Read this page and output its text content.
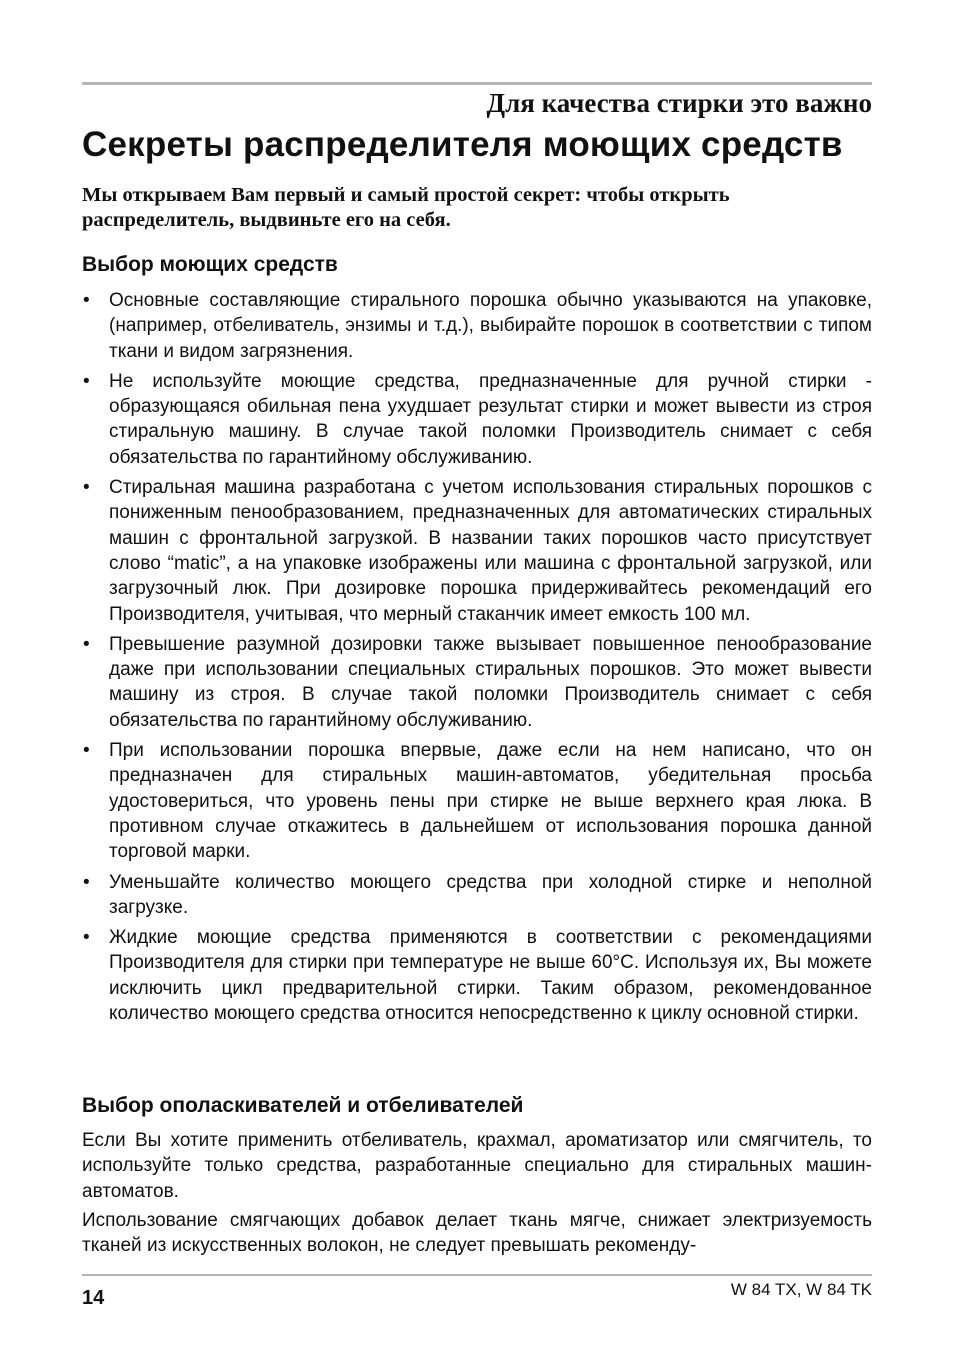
Для качества стирки это важно
Секреты распределителя моющих средств
Мы открываем Вам первый и самый простой секрет: чтобы открыть распределитель, выдвиньте его на себя.
Выбор моющих средств
• Основные составляющие стирального порошка обычно указываются на упаковке, (например, отбеливатель, энзимы и т.д.), выбирайте порошок в соответствии с типом ткани и видом загрязнения.
• Не используйте моющие средства, предназначенные для ручной стирки - образующаяся обильная пена ухудшает результат стирки и может вывести из строя стиральную машину. В случае такой поломки Производитель снимает с себя обязательства по гарантийному обслуживанию.
• Стиральная машина разработана с учетом использования стиральных порошков с пониженным пенообразованием, предназначенных для автоматических стиральных машин с фронтальной загрузкой. В названии таких порошков часто присутствует слово “matic”, а на упаковке изображены или машина с фронтальной загрузкой, или загрузочный люк. При дозировке порошка придерживайтесь рекомендаций его Производителя, учитывая, что мерный стаканчик имеет емкость 100 мл.
• Превышение разумной дозировки также вызывает повышенное пенообразование даже при использовании специальных стиральных порошков. Это может вывести машину из строя. В случае такой поломки Производитель снимает с себя обязательства по гарантийному обслуживанию.
• При использовании порошка впервые, даже если на нем написано, что он предназначен для стиральных машин-автоматов, убедительная просьба удостовериться, что уровень пены при стирке не выше верхнего края люка. В противном случае откажитесь в дальнейшем от использования порошка данной торговой марки.
• Уменьшайте количество моющего средства при холодной стирке и неполной загрузке.
• Жидкие моющие средства применяются в соответствии с рекомендациями Производителя для стирки при температуре не выше 60°С. Используя их, Вы можете исключить цикл предварительной стирки. Таким образом, рекомендованное количество моющего средства относится непосредственно к циклу основной стирки.
Выбор ополаскивателей и отбеливателей
Если Вы хотите применить отбеливатель, крахмал, ароматизатор или смягчитель, то используйте только средства, разработанные специально для стиральных машин-автоматов.
Использование смягчающих добавок делает ткань мягче, снижает электризуемость тканей из искусственных волокон, не следует превышать рекоменду-
14	W 84 TX, W 84 TK
